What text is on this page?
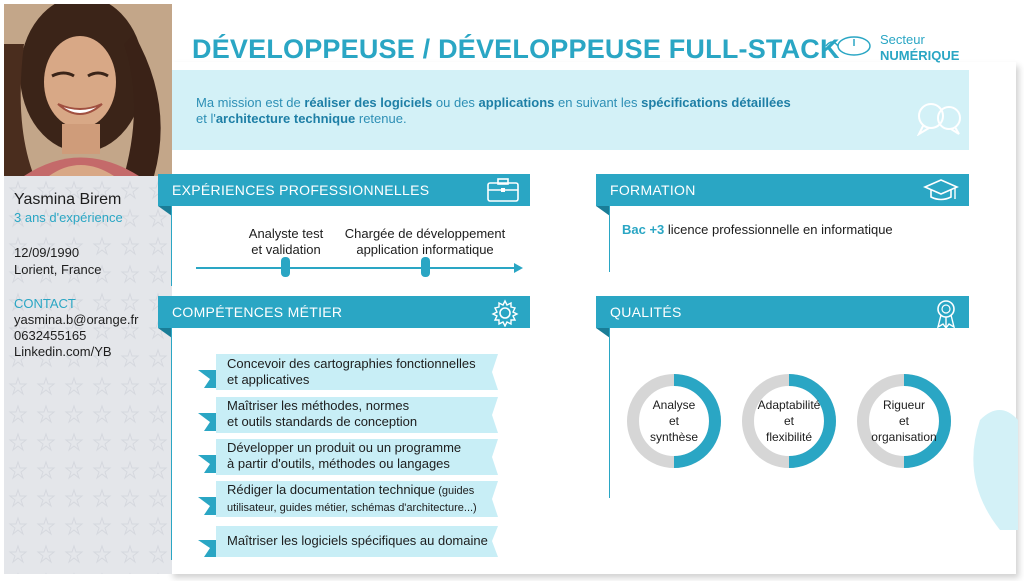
Yasmina Birem
3 ans d'expérience
12/09/1990
Lorient, France
CONTACT
yasmina.b@orange.fr
0632455165
Linkedin.com/YB
DÉVELOPPEUSE / DÉVELOPPEUSE FULL-STACK	Secteur
NUMÉRIQUE
Ma mission est de réaliser des logiciels ou des applications en suivant les spécifications détaillées
et l'architecture technique retenue.
EXPÉRIENCES PROFESSIONNELLES
Analyste test
et validation
Chargée de développement
application informatique
FORMATION
Bac +3 licence professionnelle en informatique
COMPÉTENCES MÉTIER
Concevoir des cartographies fonctionnelles
et applicatives
Maîtriser les méthodes, normes
et outils standards de conception
Développer un produit ou un programme
à partir d'outils, méthodes ou langages
Rédiger la documentation technique (guides
utilisateur, guides métier, schémas d'architecture...)
Maîtriser les logiciels spécifiques au domaine
QUALITÉS
Analyse
et
synthèse
Adaptabilité
et
flexibilité
Rigueur
et
organisation
